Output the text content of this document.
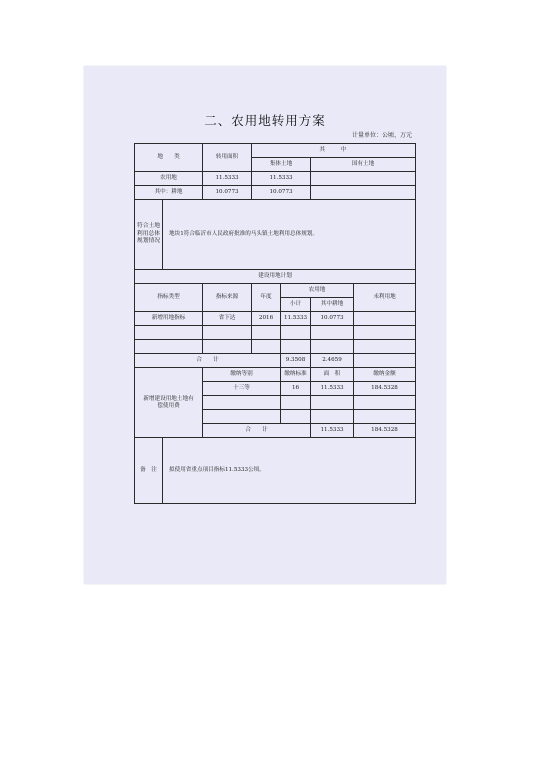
二、农用地转用方案
计量单位：公顷、万元
地　　类		转用面积	其　　中			
			集体土地		国有土地	
农用地		11.5333	11.5333			
其中：耕地		10.0773	10.0773			

符合土地利用总体规划情况	地块1符合临沂市人民政府批准的马头镇土地利用总体规划。					
建设用地计划						
指标类型		指标来源	年度	农用地		未利用地
				小计	其中耕地	
新增用地指标		省下达	2016	11.5333	10.0773	

合　　计				9.3508	2.4659	
新增建设用地土地有偿使用费		缴纳等别		缴纳标准	面　积	缴纳金额
		十三等		16	11.5333	184.5328

		合　　计			11.5333	184.5328
备　注	拟使用省重点项目指标11.5333公顷。					
